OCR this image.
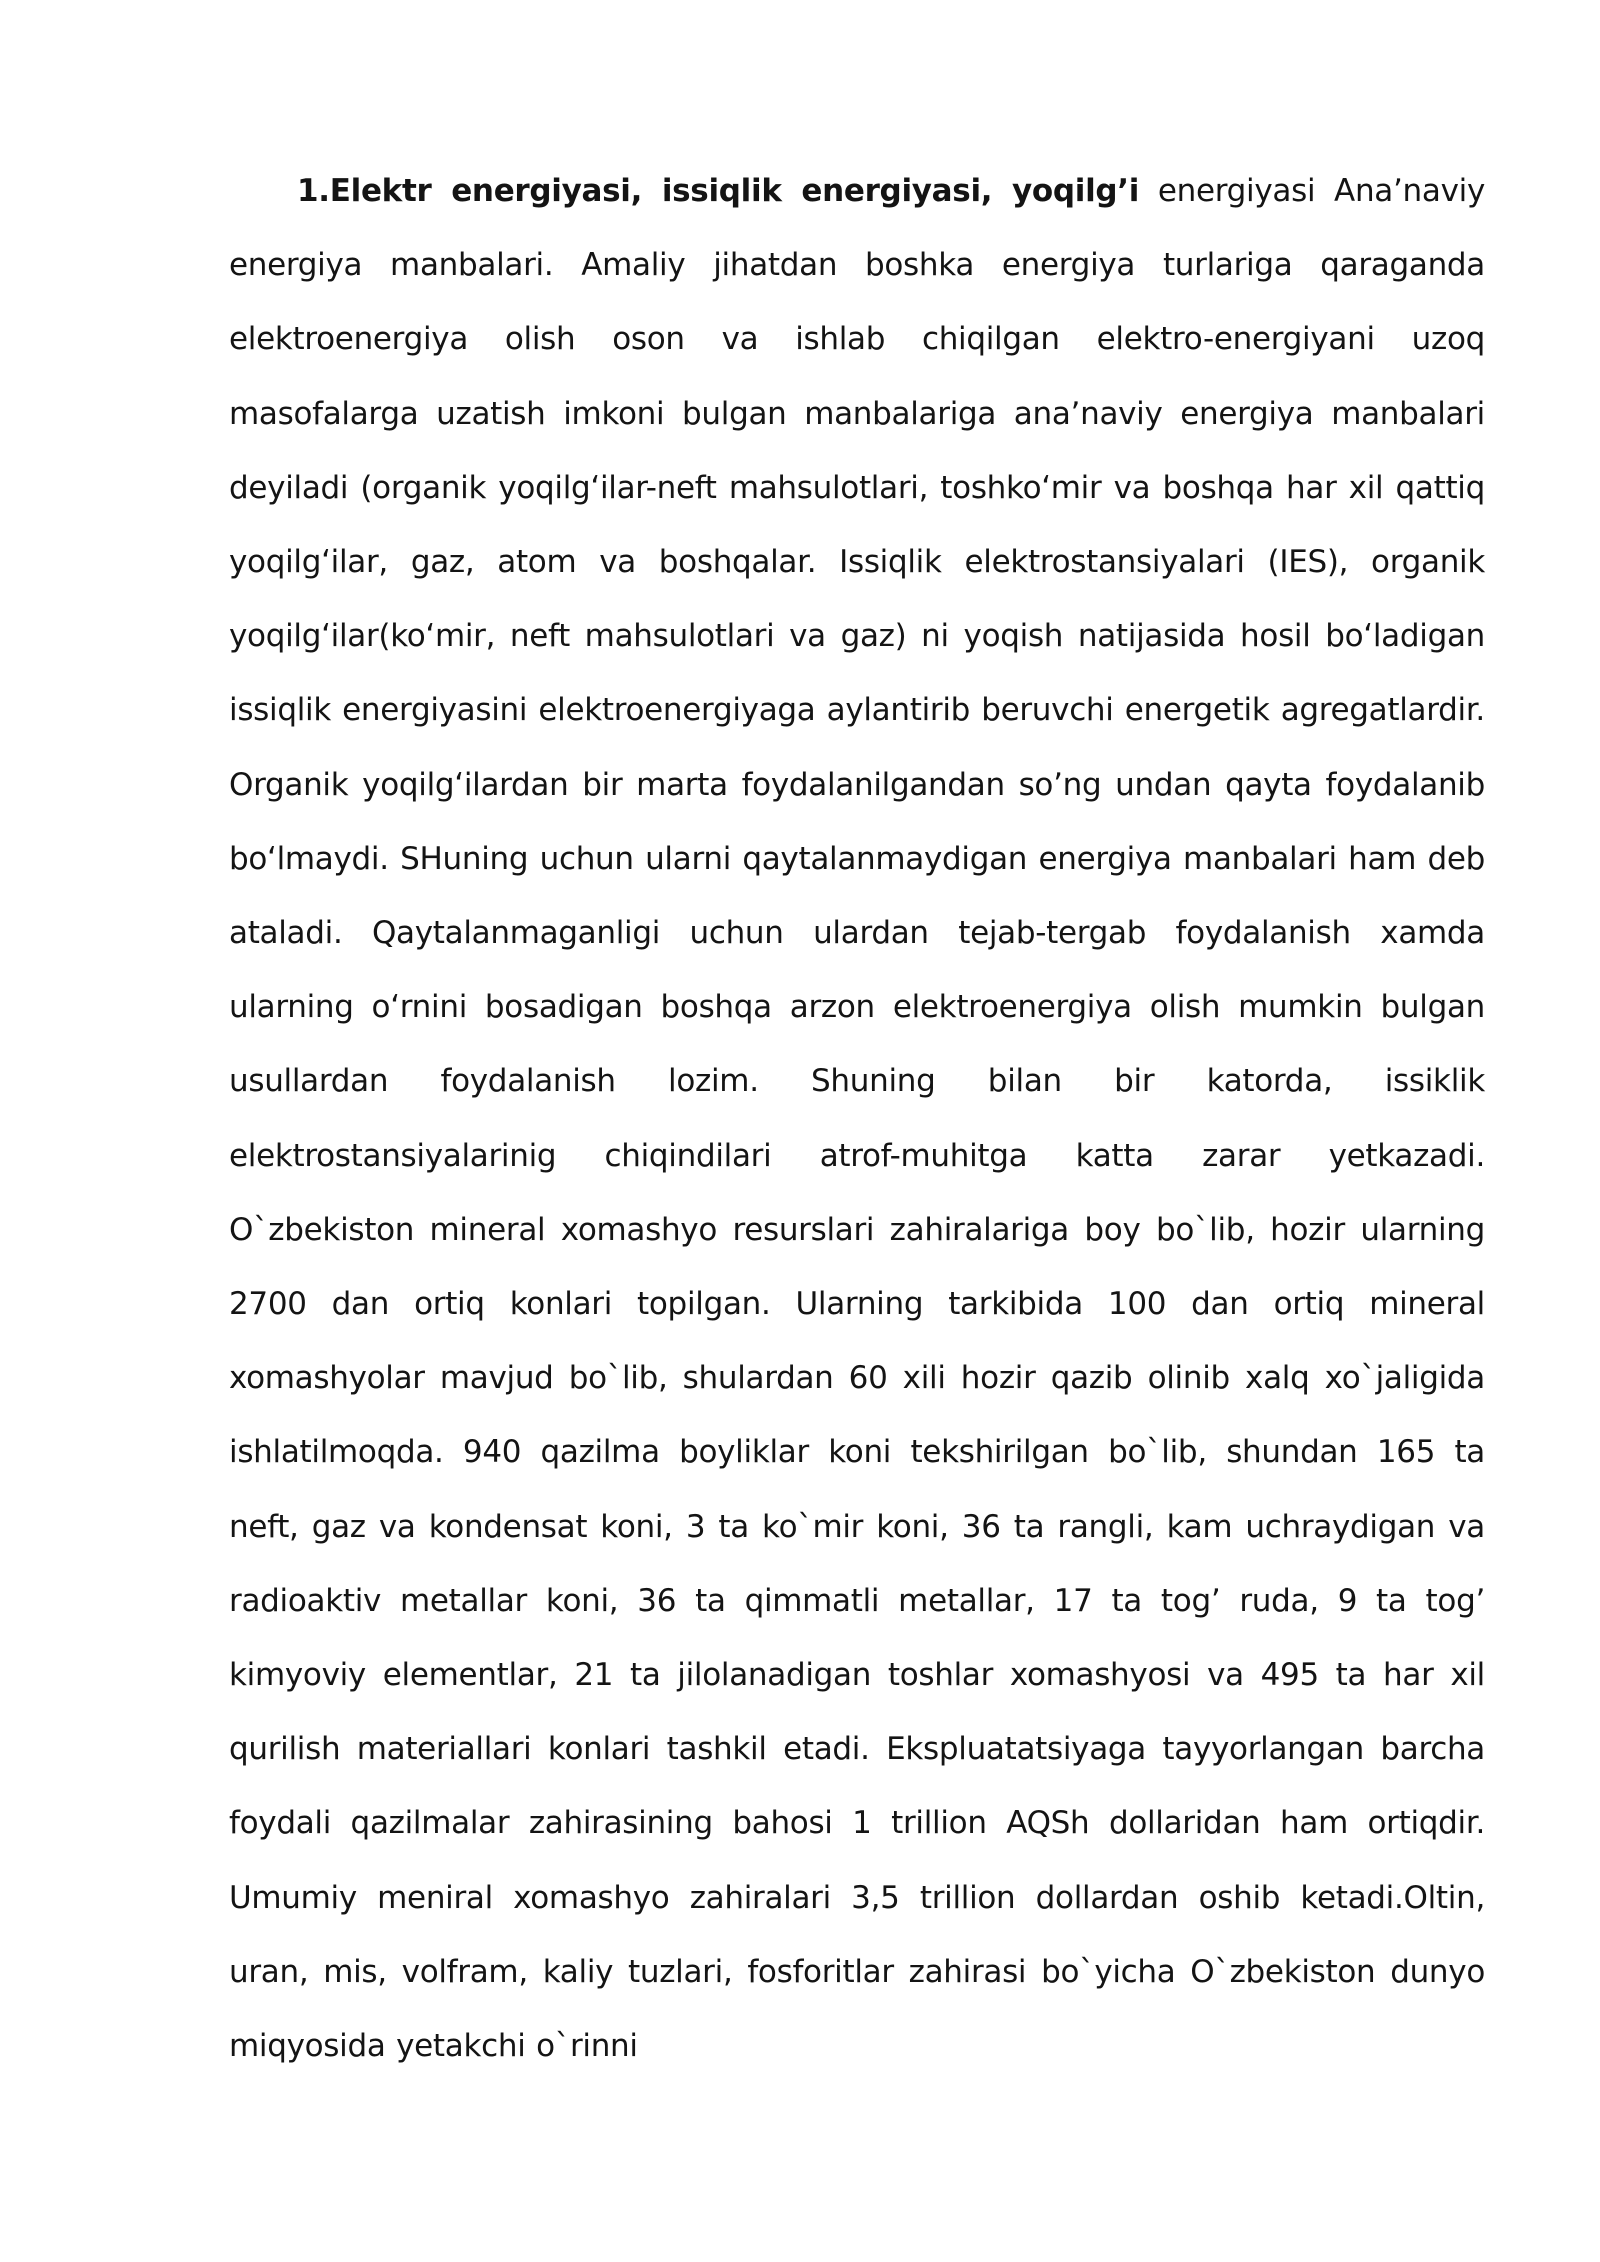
1.Elektr energiyasi, issiqlik energiyasi, yoqilg’i energiyasi Ana’naviy energiya manbalari. Amaliy jihatdan boshka energiya turlariga qaraganda elektroenergiya olish oson va ishlab chiqilgan elektro-energiyani uzoq masofalarga uzatish imkoni bulgan manbalariga ana’naviy energiya manbalari deyiladi (organik yoqilg‘ilar-neft mahsulotlari, toshko‘mir va boshqa har xil qattiq yoqilg‘ilar, gaz, atom va boshqalar. Issiqlik elektrostansiyalari (IES), organik yoqilg‘ilar(ko‘mir, neft mahsulotlari va gaz) ni yoqish natijasida hosil bo‘ladigan issiqlik energiyasini elektroenergiyaga aylantirib beruvchi energetik agregatlardir. Organik yoqilg‘ilardan bir marta foydalanilgandan so’ng undan qayta foydalanib bo‘lmaydi. SHuning uchun ularni qaytalanmaydigan energiya manbalari ham deb ataladi. Qaytalanmaganligi uchun ulardan tejab-tergab foydalanish xamda ularning o‘rnini bosadigan boshqa arzon elektroenergiya olish mumkin bulgan usullardan foydalanish lozim. Shuning bilan bir katorda, issiklik elektrostansiyalarinig chiqindilari atrof-muhitga katta zarar yetkazadi. O`zbekiston mineral xomashyo resurslari zahiralariga boy bo`lib, hozir ularning 2700 dan ortiq konlari topilgan. Ularning tarkibida 100 dan ortiq mineral xomashyolar mavjud bo`lib, shulardan 60 xili hozir qazib olinib xalq xo`jaligida ishlatilmoqda. 940 qazilma boyliklar koni tekshirilgan bo`lib, shundan 165 ta neft, gaz va kondensat koni, 3 ta ko`mir koni, 36 ta rangli, kam uchraydigan va radioaktiv metallar koni, 36 ta qimmatli metallar, 17 ta tog’ ruda, 9 ta tog’ kimyoviy elementlar, 21 ta jilolanadigan toshlar xomashyosi va 495 ta har xil qurilish materiallari konlari tashkil etadi. Ekspluatatsiyaga tayyorlangan barcha foydali qazilmalar zahirasining bahosi 1 trillion AQSh dollaridan ham ortiqdir. Umumiy meniral xomashyo zahiralari 3,5 trillion dollardan oshib ketadi.Oltin, uran, mis, volfram, kaliy tuzlari, fosforitlar zahirasi bo`yicha O`zbekiston dunyo miqyosida yetakchi o`rinni
